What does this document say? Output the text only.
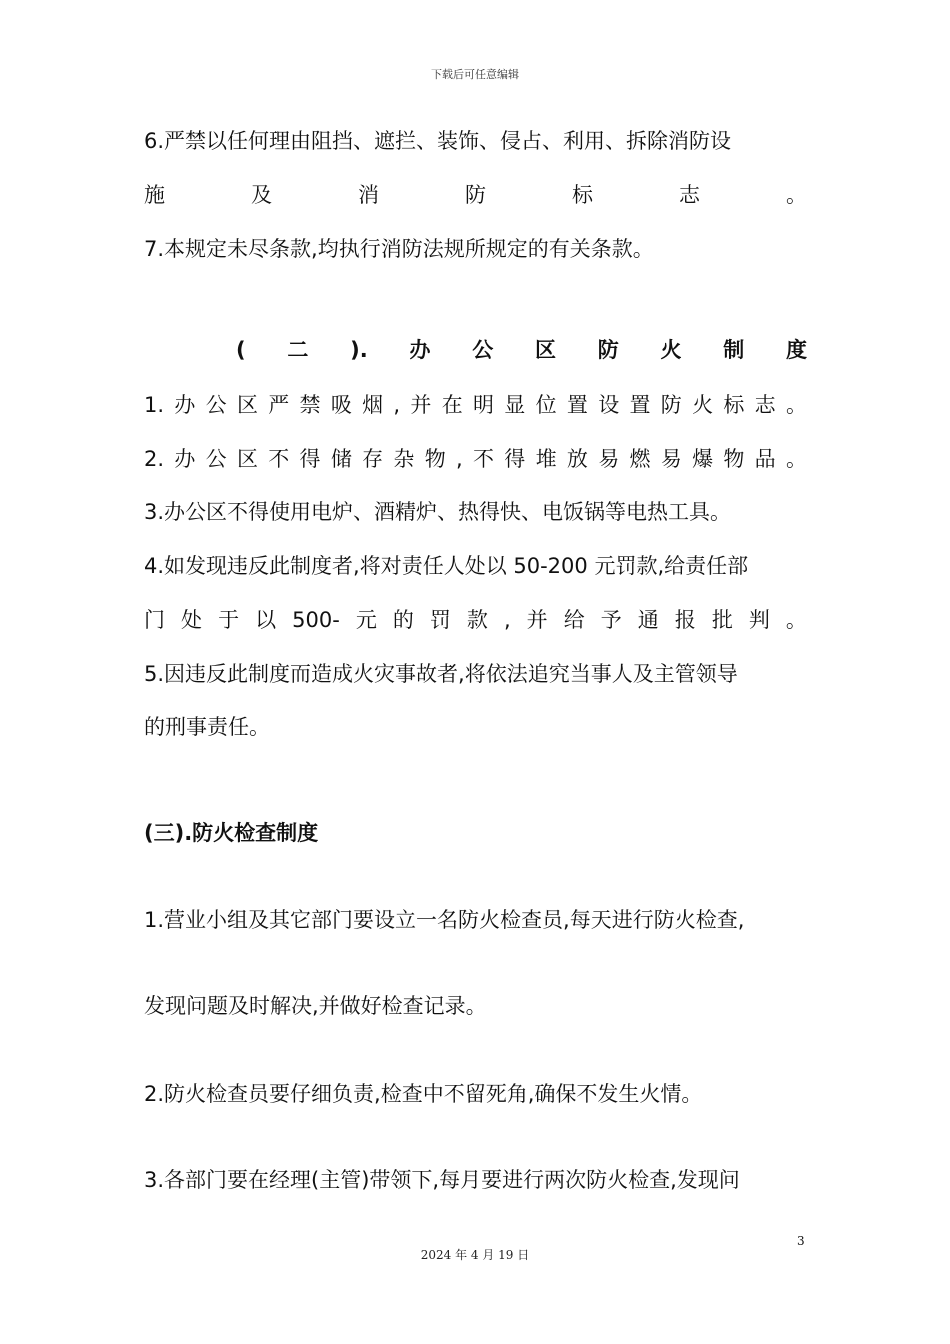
下载后可任意编辑
6.严禁以任何理由阻挡、遮拦、装饰、侵占、利用、拆除消防设
施	及	消	防	标	志	。
7.本规定未尽条款,均执行消防法规所规定的有关条款。
( 二 ). 办 公 区 防 火 制 度
1. 办 公 区 严 禁 吸 烟 , 并 在 明 显 位 置 设 置 防 火 标 志 。
2. 办 公 区 不 得 储 存 杂 物 , 不 得 堆 放 易 燃 易 爆 物 品 。
3.办公区不得使用电炉、酒精炉、热得快、电饭锅等电热工具。
4.如发现违反此制度者,将对责任人处以 50-200 元罚款,给责任部
门 处 于 以 500- 元 的 罚 款 , 并 给 予 通 报 批 判 。
5.因违反此制度而造成火灾事故者,将依法追究当事人及主管领导
的刑事责任。
(三).防火检查制度
1.营业小组及其它部门要设立一名防火检查员,每天进行防火检查,
发现问题及时解决,并做好检查记录。
2.防火检查员要仔细负责,检查中不留死角,确保不发生火情。
3.各部门要在经理(主管)带领下,每月要进行两次防火检查,发现问
3
2024 年 4 月 19 日
